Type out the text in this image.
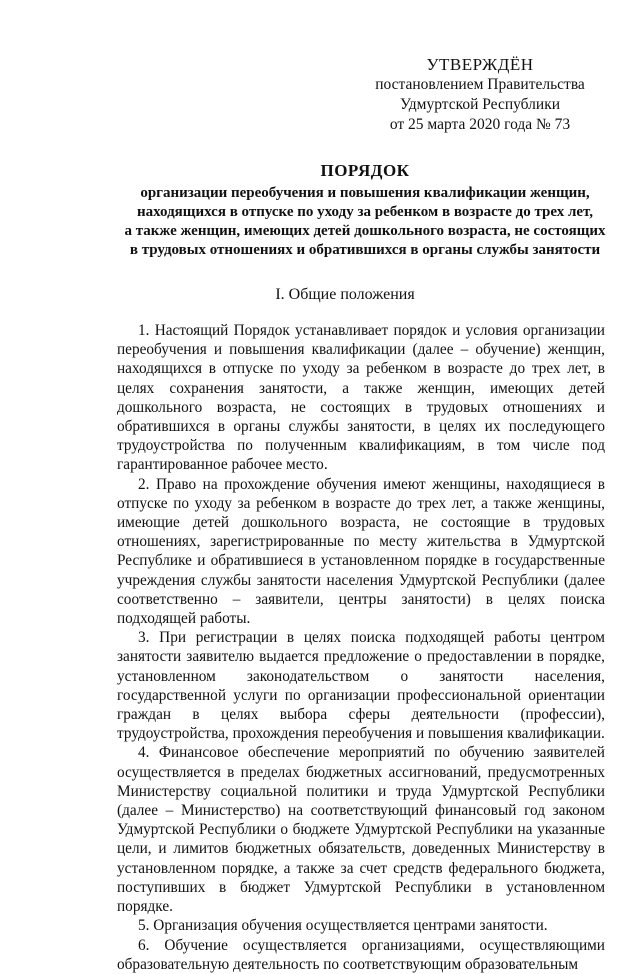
УТВЕРЖДЁН
постановлением Правительства
Удмуртской Республики
от 25 марта 2020 года № 73
ПОРЯДОК
организации переобучения и повышения квалификации женщин,
находящихся в отпуске по уходу за ребенком в возрасте до трех лет,
а также женщин, имеющих детей дошкольного возраста, не состоящих
в трудовых отношениях и обратившихся в органы службы занятости
I. Общие положения

1. Настоящий Порядок устанавливает порядок и условия организации переобучения и повышения квалификации (далее – обучение) женщин, находящихся в отпуске по уходу за ребенком в возрасте до трех лет, в целях сохранения занятости, а также женщин, имеющих детей дошкольного возраста, не состоящих в трудовых отношениях и обратившихся в органы службы занятости, в целях их последующего трудоустройства по полученным квалификациям, в том числе под гарантированное рабочее место.

2. Право на прохождение обучения имеют женщины, находящиеся в отпуске по уходу за ребенком в возрасте до трех лет, а также женщины, имеющие детей дошкольного возраста, не состоящие в трудовых отношениях, зарегистрированные по месту жительства в Удмуртской Республике и обратившиеся в установленном порядке в государственные учреждения службы занятости населения Удмуртской Республики (далее соответственно – заявители, центры занятости) в целях поиска подходящей работы.

3. При регистрации в целях поиска подходящей работы центром занятости заявителю выдается предложение о предоставлении в порядке, установленном законодательством о занятости населения, государственной услуги по организации профессиональной ориентации граждан в целях выбора сферы деятельности (профессии), трудоустройства, прохождения переобучения и повышения квалификации.

4. Финансовое обеспечение мероприятий по обучению заявителей осуществляется в пределах бюджетных ассигнований, предусмотренных Министерству социальной политики и труда Удмуртской Республики (далее – Министерство) на соответствующий финансовый год законом Удмуртской Республики о бюджете Удмуртской Республики на указанные цели, и лимитов бюджетных обязательств, доведенных Министерству в установленном порядке, а также за счет средств федерального бюджета, поступивших в бюджет Удмуртской Республики в установленном порядке.

5. Организация обучения осуществляется центрами занятости.

6. Обучение осуществляется организациями, осуществляющими образовательную деятельность по соответствующим образовательным
